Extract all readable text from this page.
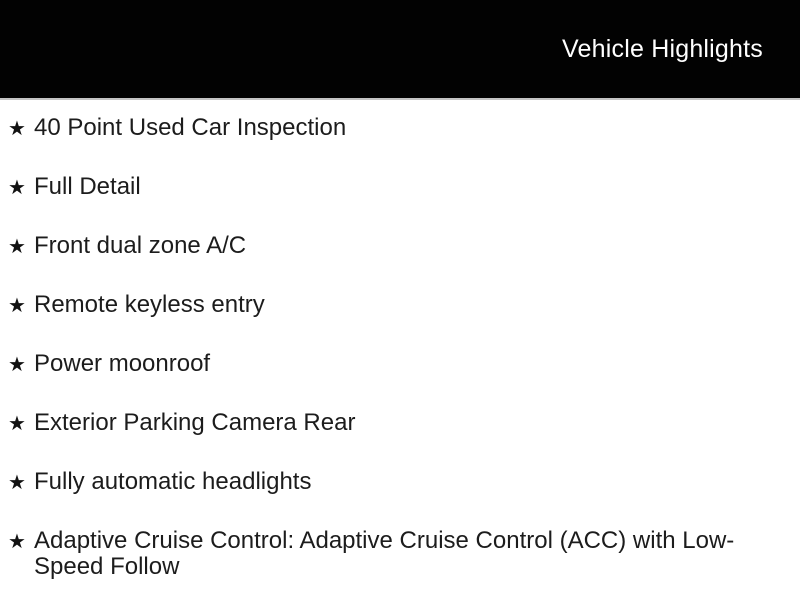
Vehicle Highlights
★ 40 Point Used Car Inspection
★ Full Detail
★ Front dual zone A/C
★ Remote keyless entry
★ Power moonroof
★ Exterior Parking Camera Rear
★ Fully automatic headlights
★ Adaptive Cruise Control: Adaptive Cruise Control (ACC) with Low-Speed Follow
